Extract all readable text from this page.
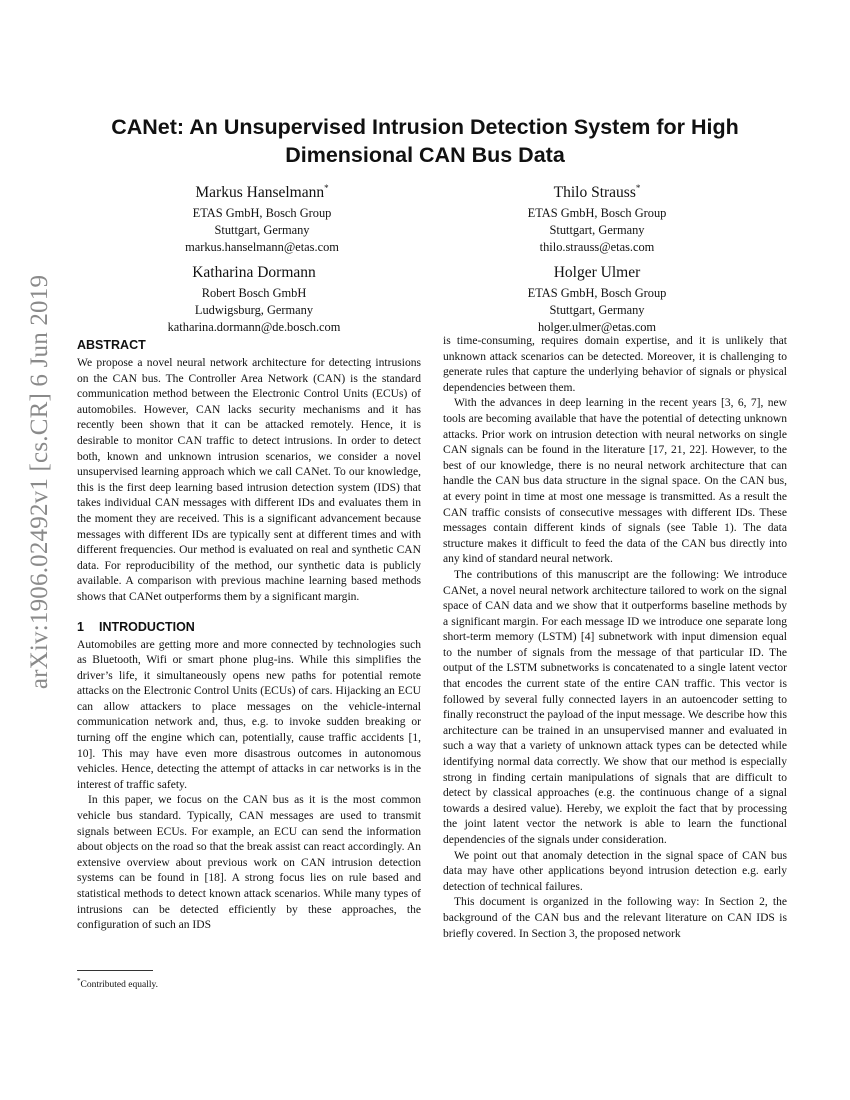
arXiv:1906.02492v1 [cs.CR] 6 Jun 2019
CANet: An Unsupervised Intrusion Detection System for High Dimensional CAN Bus Data
Markus Hanselmann*
ETAS GmbH, Bosch Group
Stuttgart, Germany
markus.hanselmann@etas.com
Thilo Strauss*
ETAS GmbH, Bosch Group
Stuttgart, Germany
thilo.strauss@etas.com
Katharina Dormann
Robert Bosch GmbH
Ludwigsburg, Germany
katharina.dormann@de.bosch.com
Holger Ulmer
ETAS GmbH, Bosch Group
Stuttgart, Germany
holger.ulmer@etas.com
ABSTRACT

We propose a novel neural network architecture for detecting intrusions on the CAN bus. The Controller Area Network (CAN) is the standard communication method between the Electronic Control Units (ECUs) of automobiles. However, CAN lacks security mechanisms and it has recently been shown that it can be attacked remotely. Hence, it is desirable to monitor CAN traffic to detect intrusions. In order to detect both, known and unknown intrusion scenarios, we consider a novel unsupervised learning approach which we call CANet. To our knowledge, this is the first deep learning based intrusion detection system (IDS) that takes individual CAN messages with different IDs and evaluates them in the moment they are received. This is a significant advancement because messages with different IDs are typically sent at different times and with different frequencies. Our method is evaluated on real and synthetic CAN data. For reproducibility of the method, our synthetic data is publicly available. A comparison with previous machine learning based methods shows that CANet outperforms them by a significant margin.

1 INTRODUCTION

Automobiles are getting more and more connected by technologies such as Bluetooth, Wifi or smart phone plug-ins. While this simplifies the driver’s life, it simultaneously opens new paths for potential remote attacks on the Electronic Control Units (ECUs) of cars. Hijacking an ECU can allow attackers to place messages on the vehicle-internal communication network and, thus, e.g. to invoke sudden breaking or turning off the engine which can, potentially, cause traffic accidents [1, 10]. This may have even more disastrous outcomes in autonomous vehicles. Hence, detecting the attempt of attacks in car networks is in the interest of traffic safety.

In this paper, we focus on the CAN bus as it is the most common vehicle bus standard. Typically, CAN messages are used to transmit signals between ECUs. For example, an ECU can send the information about objects on the road so that the break assist can react accordingly. An extensive overview about previous work on CAN intrusion detection systems can be found in [18]. A strong focus lies on rule based and statistical methods to detect known attack scenarios. While many types of intrusions can be detected efficiently by these approaches, the configuration of such an IDS

is time-consuming, requires domain expertise, and it is unlikely that unknown attack scenarios can be detected. Moreover, it is challenging to generate rules that capture the underlying behavior of signals or physical dependencies between them.

With the advances in deep learning in the recent years [3, 6, 7], new tools are becoming available that have the potential of detecting unknown attacks. Prior work on intrusion detection with neural networks on single CAN signals can be found in the literature [17, 21, 22]. However, to the best of our knowledge, there is no neural network architecture that can handle the CAN bus data structure in the signal space. On the CAN bus, at every point in time at most one message is transmitted. As a result the CAN traffic consists of consecutive messages with different IDs. These messages contain different kinds of signals (see Table 1). The data structure makes it difficult to feed the data of the CAN bus directly into any kind of standard neural network.

The contributions of this manuscript are the following: We introduce CANet, a novel neural network architecture tailored to work on the signal space of CAN data and we show that it outperforms baseline methods by a significant margin. For each message ID we introduce one separate long short-term memory (LSTM) [4] subnetwork with input dimension equal to the number of signals from the message of that particular ID. The output of the LSTM subnetworks is concatenated to a single latent vector that encodes the current state of the entire CAN traffic. This vector is followed by several fully connected layers in an autoencoder setting to finally reconstruct the payload of the input message. We describe how this architecture can be trained in an unsupervised manner and evaluated in such a way that a variety of unknown attack types can be detected while identifying normal data correctly. We show that our method is especially strong in finding certain manipulations of signals that are difficult to detect by classical approaches (e.g. the continuous change of a signal towards a desired value). Hereby, we exploit the fact that by processing the joint latent vector the network is able to learn the functional dependencies of the signals under consideration.

We point out that anomaly detection in the signal space of CAN bus data may have other applications beyond intrusion detection e.g. early detection of technical failures.

This document is organized in the following way: In Section 2, the background of the CAN bus and the relevant literature on CAN IDS is briefly covered. In Section 3, the proposed network

*Contributed equally.
